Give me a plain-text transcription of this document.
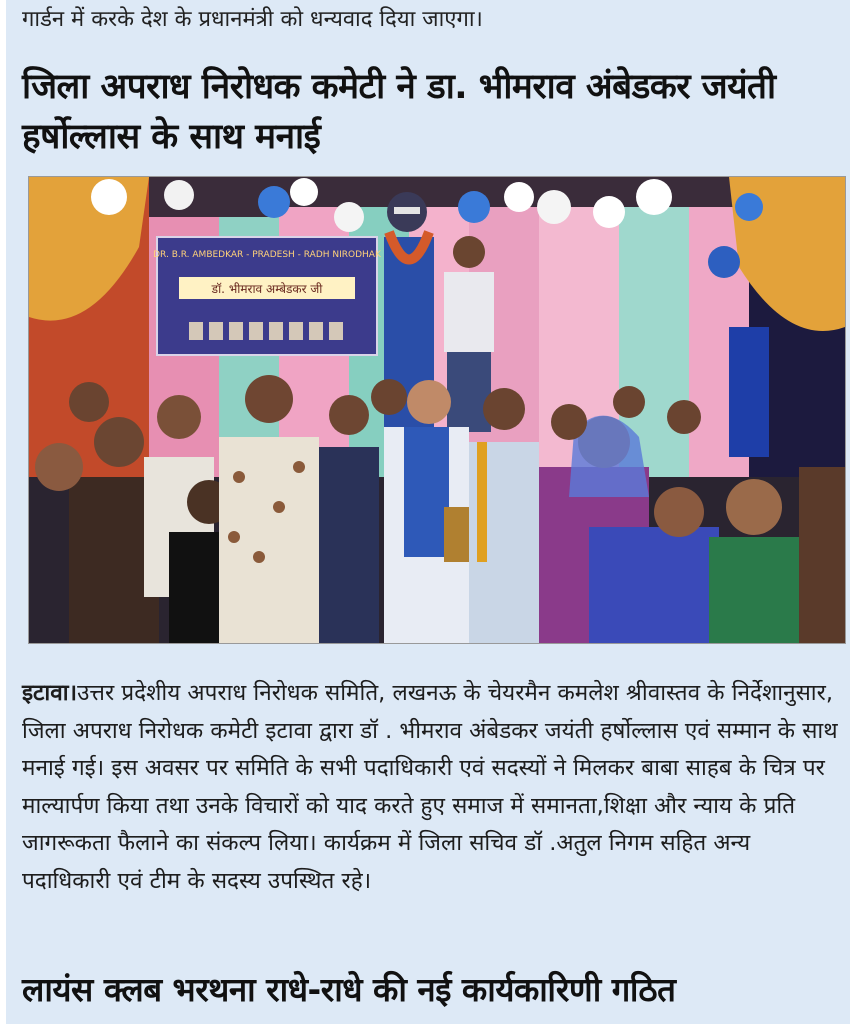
गार्डन में करके देश के प्रधानमंत्री को धन्यवाद दिया जाएगा।
जिला अपराध निरोधक कमेटी ने डा. भीमराव अंबेडकर जयंती
हर्षोल्लास के साथ मनाई
DR. B.R. AMBEDKAR - PRADESH - RADH NIRODHAK
डॉ. भीमराव अम्बेडकर जी
इटावा।उत्तर प्रदेशीय अपराध निरोधक समिति, लखनऊ के चेयरमैन कमलेश श्रीवास्तव के निर्देशानुसार, जिला अपराध निरोधक कमेटी इटावा द्वारा डॉ . भीमराव अंबेडकर जयंती हर्षोल्लास एवं सम्मान के साथ मनाई गई। इस अवसर पर समिति के सभी पदाधिकारी एवं सदस्यों ने मिलकर बाबा साहब के चित्र पर माल्यार्पण किया तथा उनके विचारों को याद करते हुए समाज में समानता,शिक्षा और न्याय के प्रति जागरूकता फैलाने का संकल्प लिया। कार्यक्रम में जिला सचिव डॉ .अतुल निगम सहित अन्य पदाधिकारी एवं टीम के सदस्य उपस्थित रहे।
लायंस क्लब भरथना राधे-राधे की नई कार्यकारिणी गठित
